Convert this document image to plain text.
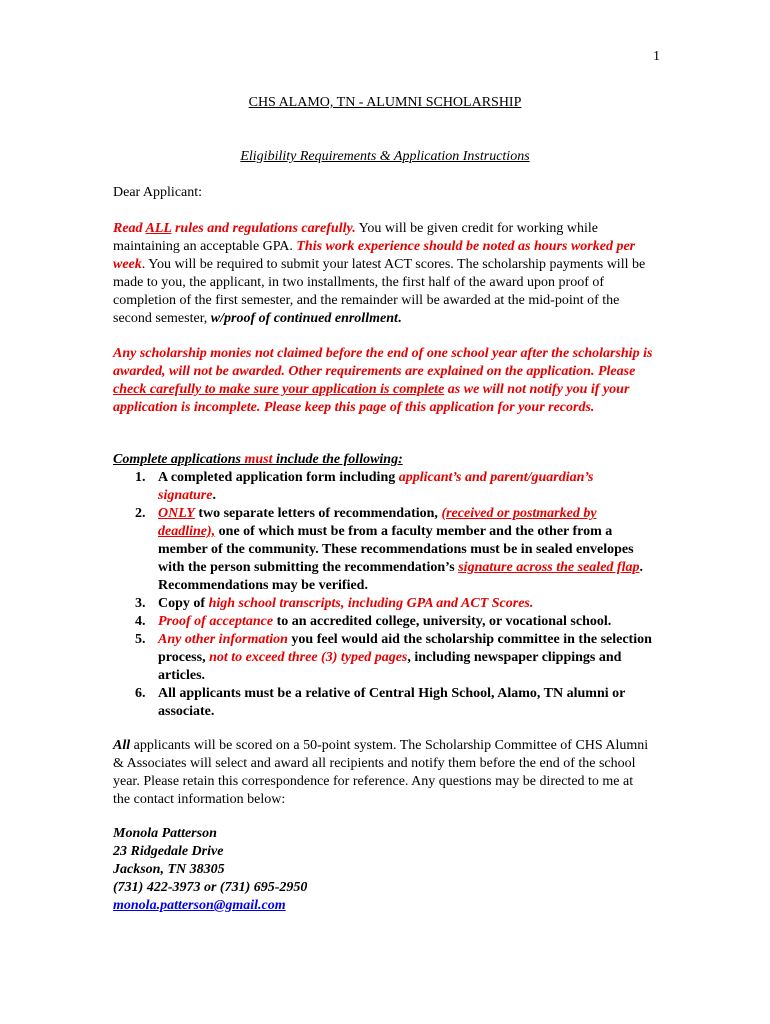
1
CHS ALAMO, TN - ALUMNI SCHOLARSHIP
Eligibility Requirements & Application Instructions
Dear Applicant:

Read ALL rules and regulations carefully. You will be given credit for working while maintaining an acceptable GPA. This work experience should be noted as hours worked per week. You will be required to submit your latest ACT scores. The scholarship payments will be made to you, the applicant, in two installments, the first half of the award upon proof of completion of the first semester, and the remainder will be awarded at the mid-point of the second semester, w/proof of continued enrollment.

Any scholarship monies not claimed before the end of one school year after the scholarship is awarded, will not be awarded. Other requirements are explained on the application. Please check carefully to make sure your application is complete as we will not notify you if your application is incomplete. Please keep this page of this application for your records.

Complete applications must include the following:

1. A completed application form including applicant’s and parent/guardian’s signature.
2. ONLY two separate letters of recommendation, (received or postmarked by deadline), one of which must be from a faculty member and the other from a member of the community. These recommendations must be in sealed envelopes with the person submitting the recommendation’s signature across the sealed flap. Recommendations may be verified.
3. Copy of high school transcripts, including GPA and ACT Scores.
4. Proof of acceptance to an accredited college, university, or vocational school.
5. Any other information you feel would aid the scholarship committee in the selection process, not to exceed three (3) typed pages, including newspaper clippings and articles.
6. All applicants must be a relative of Central High School, Alamo, TN alumni or associate.

All applicants will be scored on a 50-point system. The Scholarship Committee of CHS Alumni & Associates will select and award all recipients and notify them before the end of the school year. Please retain this correspondence for reference. Any questions may be directed to me at the contact information below:

Monola Patterson
23 Ridgedale Drive
Jackson, TN 38305
(731) 422-3973 or (731) 695-2950
monola.patterson@gmail.com
